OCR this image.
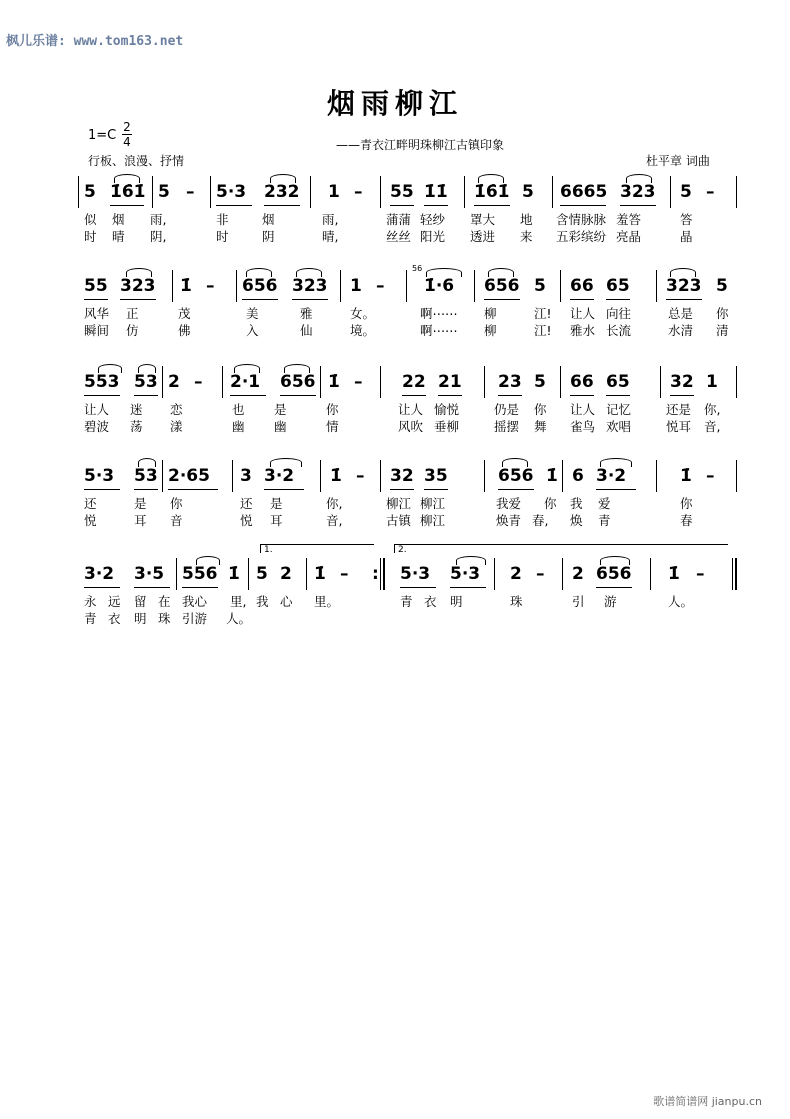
枫儿乐谱: www.tom163.net
烟雨柳江
1=C
2
4	——青衣江畔明珠柳江古镇印象
行板、浪漫、抒情	杜平章 词曲
5 1̇6̇1̇ 5 – 5·3 232 1 – 55 1̇1̇ 1̇6̇1̇ 5 6665 323 5 –
似 烟 雨,	非	烟	雨,	蒲蒲 轻纱 罩大 地 含情脉脉 羞答	答
时 晴 阴,	时	阴	晴,	丝丝 阳光 透进 来 五彩缤纷 亮晶	晶
55 323 1̇ – 656 323 1 –
56
1̇·6 656 5 66 65 323 5
风华 正	茂	美	雅	女。	啊⋯⋯ 柳	江! 让人 向往	总是 你
瞬间 仿	佛	入	仙	境。	啊⋯⋯ 柳	江! 雅水 长流	水清 清
553 53 2 – 2·1 656 1̇ – 22 21 23 5 66 65 32 1
让人 迷 恋	也 是	你	让人 愉悦	仍是 你 让人 记忆	还是 你,
碧波 荡 漾	幽 幽	情	风吹 垂柳	摇摆 舞 雀鸟 欢唱	悦耳 音,
5·3 53 2·65 3 3·2 1̇ – 32 35	656 1̇ 6 3·2	1̇ –
还	是 你	还 是	你,	柳江 柳江	我爱 你 我 爱	你
悦	耳 音	悦 耳	音,	古镇 柳江	焕青 春, 焕 青	春
1.	2.
3·2 3·5 556 1̇ 5 2 1̇ – : 5·3 5·3 2 – 2 656 1̇ –
永 远 留 在 我心 里, 我 心 里。	青 衣 明	珠	引 游	人。
青 衣 明 珠 引游 人。
歌谱简谱网 jianpu.cn
